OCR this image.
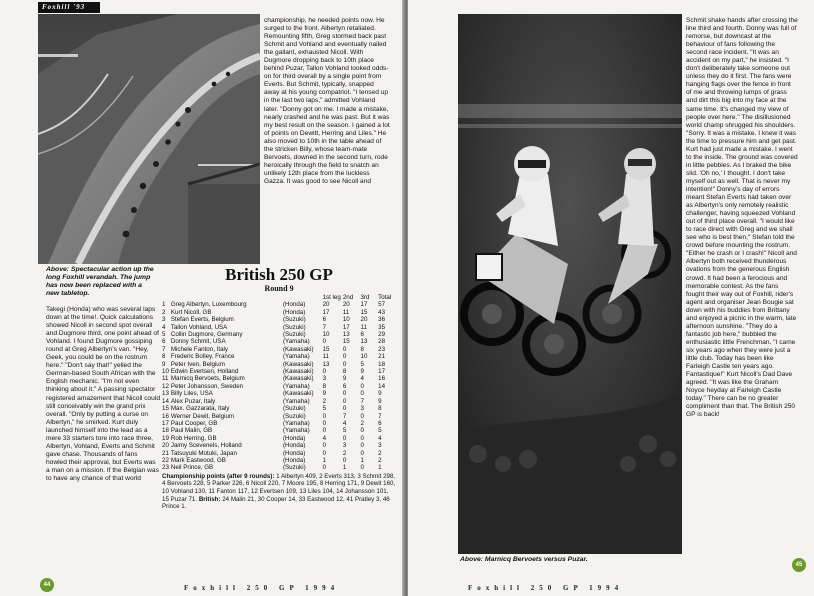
Foxhill '93
Above: Spectacular action up the long Foxhill verandah. The jump has now been replaced with a new tabletop.

Takegi (Honda) who was several laps down at the time!. Quick calculations showed Nicoll in second spot overall and Dugmore third, one point ahead of Vohland. I found Dugmore gossiping round at Greg Albertyn's van. "Hey, Geek, you could be on the rostrum here." "Don't say that!" yelled the German-based South African with the English mechanic. "I'm not even thinking about it." A passing spectator registered amazement that Nicoll could still conceivably win the grand prix overall. "Only by putting a curse on Albertyn," he smirked. Kurt duly launched himself into the lead as a mere 33 starters tore into race three, Albertyn, Vohland, Everts and Schmit gave chase. Thousands of fans howled their approval, but Everts was a man on a mission. If the Belgian was to have any chance of that world

championship, he needed points now. He surged to the front. Albertyn retaliated. Remounting fifth, Greg stormed back past Schmit and Vohland and eventually nailed the gallant, exhausted Nicoll. With Dugmore dropping back to 10th place behind Puzar, Tallon Vohland looked odds-on for third overall by a single point from Everts. But Schmit, typically, snapped away at his young compatriot. "I tensed up in the last two laps," admitted Vohland later. "Donny got on me. I made a mistake, nearly crashed and he was past. But it was my best result on the season. I gained a lot of points on Dewitt, Herring and Liles." He also moved to 10th in the table ahead of the stricken Billy, whose team-mate Bervoets, downed in the second turn, rode heroically through the field to snatch an unlikely 12th place from the luckless Gazza. It was good to see Nicoll and

British 250 GP
Round 9
			1st leg	2nd	3rd	Total
1	Greg Albertyn, Luxembourg	(Honda)	20	20	17	57
2	Kurt Nicoll, GB	(Honda)	17	11	15	43
3	Stefan Everts, Belgium	(Suzuki)	6	10	20	36
4	Tallon Vohland, USA	(Suzuki)	7	17	11	35
5	Collin Dugmore, Germany	(Suzuki)	10	13	6	29
6	Donny Schmit, USA	(Yamaha)	0	15	13	28
7	Michele Fanton, Italy	(Kawasaki)	15	0	8	23
8	Frederic Bolley, France	(Yamaha)	11	0	10	21
9	Peter Iven, Belgium	(Kawasaki)	13	0	5	18
10	Edwin Evertsen, Holland	(Kawasaki)	0	8	9	17
11	Marnicq Bervoets, Belgium	(Kawasaki)	3	9	4	16
12	Peter Johansson, Sweden	(Yamaha)	8	6	0	14
13	Billy Liles, USA	(Kawasaki)	9	0	0	9
14	Alex Puzar, Italy	(Yamaha)	2	0	7	9
15	Max. Gazzarata, Italy	(Suzuki)	5	0	3	8
16	Werner Dewit, Belgium	(Suzuki)	0	7	0	7
17	Paul Cooper, GB	(Yamaha)	0	4	2	6
18	Paul Malin, GB	(Yamaha)	0	5	0	5
19	Rob Herring, GB	(Honda)	4	0	0	4
20	Jaimy Scevenels, Holland	(Honda)	0	3	0	3
21	Tatsuyuki Motuki, Japan	(Honda)	0	2	0	2
22	Mark Eastwood, GB	(Honda)	1	0	1	2
23	Neil Prince, GB	(Suzuki)	0	1	0	1
Championship points (after 9 rounds): 1 Albertyn 409, 2 Everts 313, 3 Schmit 298, 4 Bervoets 228, 5 Parker 226, 6 Nicoll 220, 7 Moore 195, 8 Herring 171, 9 Dewit 160, 10 Vohland 130, 11 Fanton 117, 12 Evertsen 109, 13 Liles 104, 14 Johansson 101, 15 Puzar 71. British: 24 Malin 21, 30 Cooper 14, 33 Eastwood 12, 41 Pratley 3, 46 Prince 1.
44	Foxhill 250 GP 1994
Above: Marnicq Bervoets versus Puzar.

Schmit shake hands after crossing the line third and fourth. Donny was full of remorse, but downcast at the behaviour of fans following the second race incident. "It was an accident on my part," he insisted. "I don't deliberately take someone out unless they do it first. The fans were hanging flags over the fence in front of me and throwing lumps of grass and dirt this big into my face at the same time. It's changed my view of people over here." The disillusioned world champ shrugged his shoulders. "Sorry. It was a mistake. I knew it was the time to pressure him and get past. Kurt had just made a mistake. I went to the inside. The ground was covered in little pebbles. As I braked the bike slid. 'Oh no,' I thought. I don't take myself out as well. That is never my intention!" Donny's day of errors meant Stefan Everts had taken over as Albertyn's only remotely realistic challenger, having squeezed Vohland out of third place overall. "I would like to race direct with Greg and we shall see who is best then," Stefan told the crowd before mounting the rostrum. "Either he crash or I crash!" Nicoll and Albertyn both received thunderous ovations from the generous English crowd. It had been a ferocious and memorable contest. As the fans fought their way out of Foxhill, rider's agent and organiser Jean Bougie sat down with his buddies from Brittany and enjoyed a picnic in the warm, late afternoon sunshine. "They do a fantastic job here," bubbled the enthusiastic little Frenchman. "I came six years ago when they were just a little club. Today has been like Farleigh Castle ten years ago. Fantastique!" Kurt Nicoll's Dad Dave agreed. "It was like the Graham Noyce heyday at Farleigh Castle today." There can be no greater compliment than that. The British 250 GP is back!

Foxhill 250 GP 1994
45
